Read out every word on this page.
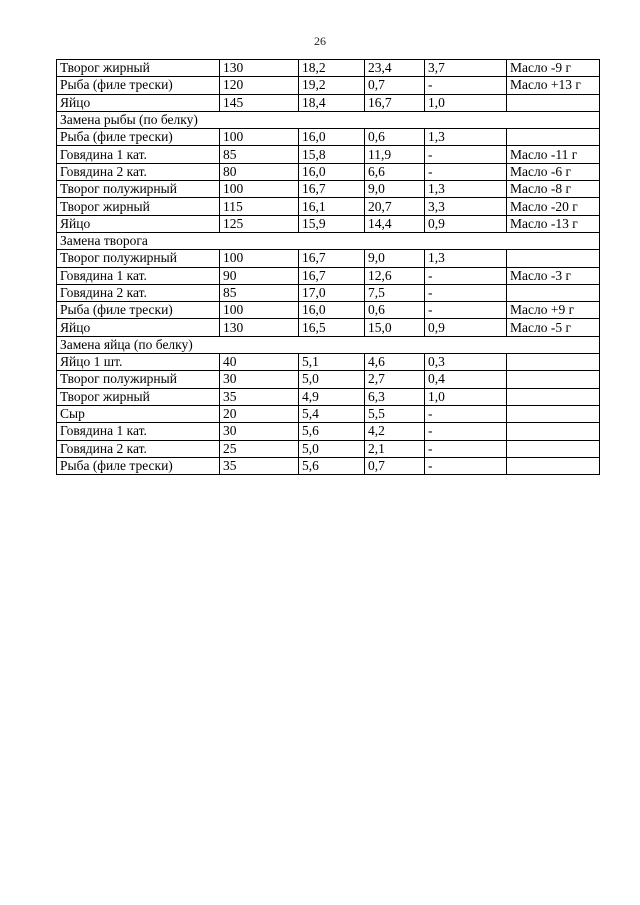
26
Творог жирный	130	18,2	23,4	3,7	Масло -9 г
Рыба (филе трески)	120	19,2	0,7	-	Масло +13 г
Яйцо	145	18,4	16,7	1,0	
Замена рыбы (по белку)					
Рыба (филе трески)	100	16,0	0,6	1,3	
Говядина 1 кат.	85	15,8	11,9	-	Масло -11 г
Говядина 2 кат.	80	16,0	6,6	-	Масло -6 г
Творог полужирный	100	16,7	9,0	1,3	Масло -8 г
Творог жирный	115	16,1	20,7	3,3	Масло -20 г
Яйцо	125	15,9	14,4	0,9	Масло -13 г
Замена творога					
Творог полужирный	100	16,7	9,0	1,3	
Говядина 1 кат.	90	16,7	12,6	-	Масло -3 г
Говядина 2 кат.	85	17,0	7,5	-	
Рыба (филе трески)	100	16,0	0,6	-	Масло +9 г
Яйцо	130	16,5	15,0	0,9	Масло -5 г
Замена яйца (по белку)					
Яйцо 1 шт.	40	5,1	4,6	0,3	
Творог полужирный	30	5,0	2,7	0,4	
Творог жирный	35	4,9	6,3	1,0	
Сыр	20	5,4	5,5	-	
Говядина 1 кат.	30	5,6	4,2	-	
Говядина 2 кат.	25	5,0	2,1	-	
Рыба (филе трески)	35	5,6	0,7	-	
